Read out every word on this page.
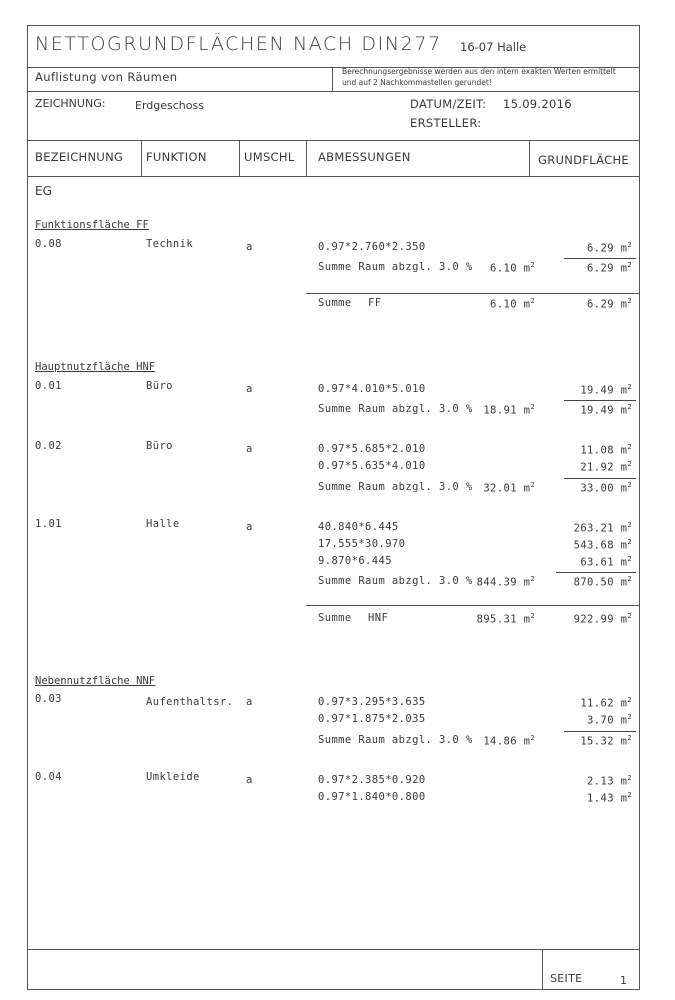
NETTOGRUNDFLÄCHEN NACH DIN277 16-07 Halle
Auflistung von Räumen	Berechnungsergebnisse werden aus den intern exakten Werten ermittelt
und auf 2 Nachkommastellen gerundet!
ZEICHNUNG:	Erdgeschoss	DATUM/ZEIT: 15.09.2016
ERSTELLER:
BEZEICHNUNG FUNKTION	UMSCHL ABMESSUNGEN	GRUNDFLÄCHE
EG
Funktionsfläche FF
0.08	Technik	a	0.97*2.760*2.350	6.29 $m^2$
Summe Raum abzgl. 3.0 % 6.10 $m^2$	6.29 $m^2$
Summe FF	6.10 $m^2$	6.29 $m^2$
Hauptnutzfläche HNF
0.01	Büro	a	0.97*4.010*5.010	19.49 $m^2$
Summe Raum abzgl. 3.0 % 18.91 $m^2$	19.49 $m^2$
0.02	Büro	a	0.97*5.685*2.010	11.08 $m^2$
0.97*5.635*4.010	21.92 $m^2$
Summe Raum abzgl. 3.0 % 32.01 $m^2$	33.00 $m^2$
1.01	Halle	a	40.840*6.445	263.21 $m^2$
17.555*30.970	543.68 $m^2$
9.870*6.445	63.61 $m^2$
Summe Raum abzgl. 3.0 % 844.39 $m^2$	870.50 $m^2$
Summe HNF	895.31 $m^2$	922.99 $m^2$
Nebennutzfläche NNF
0.03	Aufenthaltsr. a	0.97*3.295*3.635	11.62 $m^2$
0.97*1.875*2.035	3.70 $m^2$
Summe Raum abzgl. 3.0 % 14.86 $m^2$	15.32 $m^2$
0.04	Umkleide	a	0.97*2.385*0.920	2.13 $m^2$
0.97*1.840*0.800	1.43 $m^2$
SEITE	1
